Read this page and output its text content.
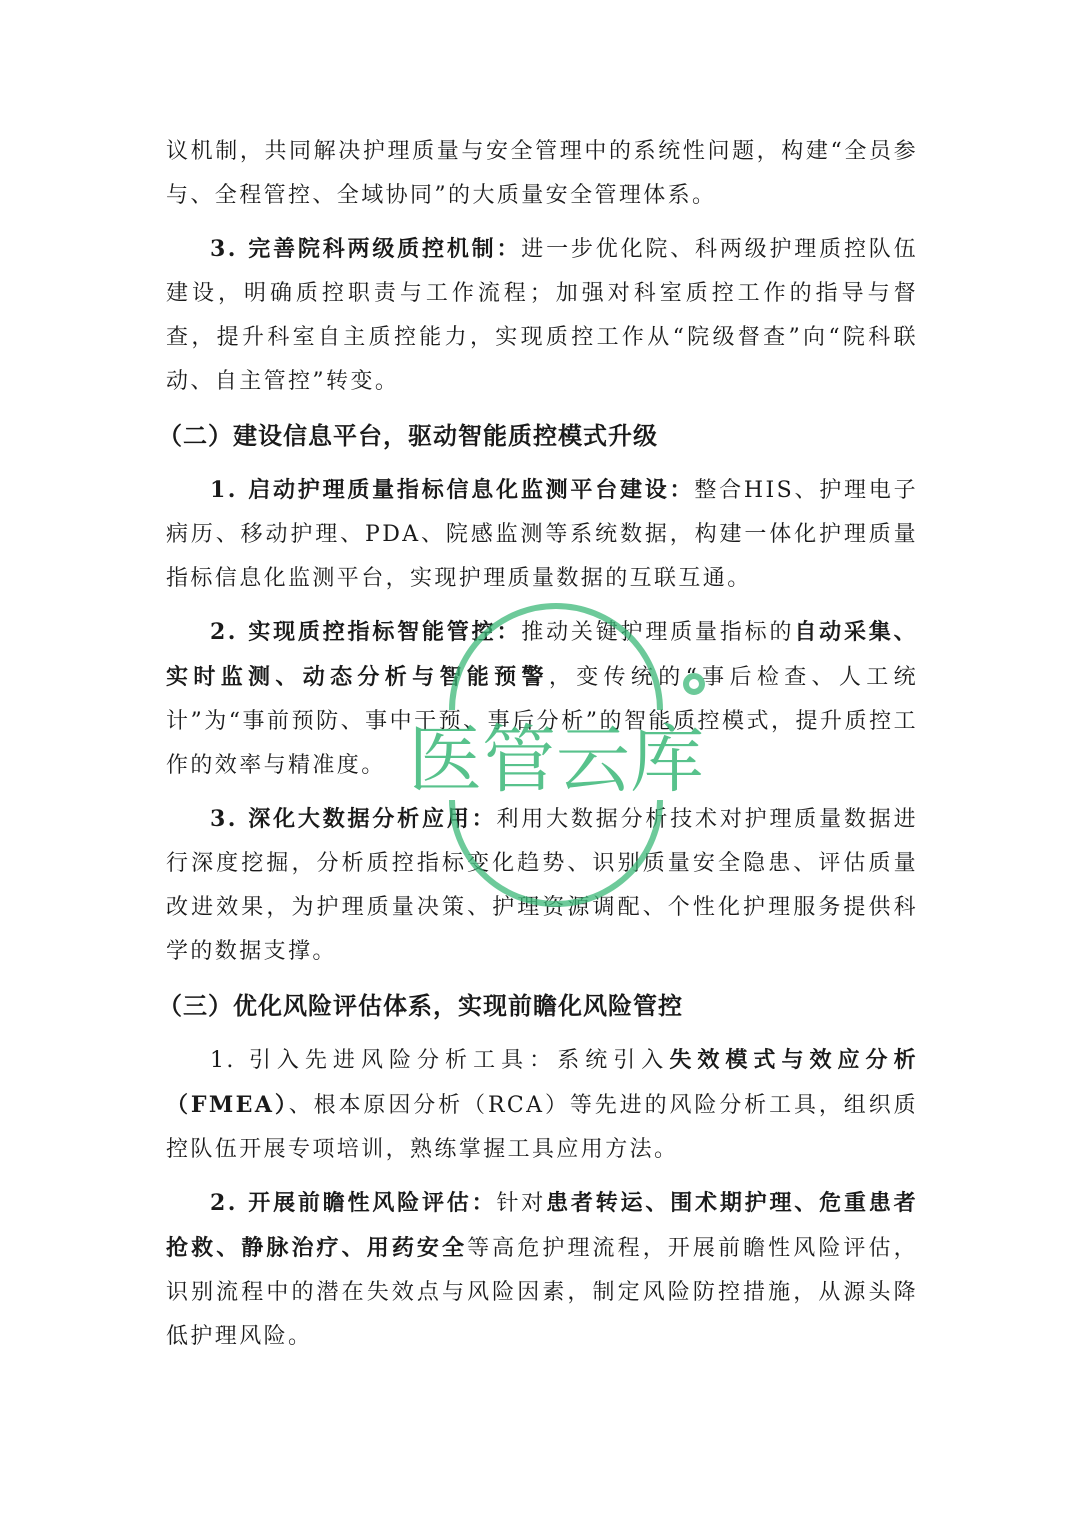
议机制，共同解决护理质量与安全管理中的系统性问题，构建“全员参与、全程管控、全域协同”的大质量安全管理体系。

3. 完善院科两级质控机制：进一步优化院、科两级护理质控队伍建设，明确质控职责与工作流程；加强对科室质控工作的指导与督查，提升科室自主质控能力，实现质控工作从“院级督查”向“院科联动、自主管控”转变。

（二）建设信息平台，驱动智能质控模式升级

1. 启动护理质量指标信息化监测平台建设：整合HIS、护理电子病历、移动护理、PDA、院感监测等系统数据，构建一体化护理质量指标信息化监测平台，实现护理质量数据的互联互通。

2. 实现质控指标智能管控：推动关键护理质量指标的自动采集、实时监测、动态分析与智能预警，变传统的“事后检查、人工统计”为“事前预防、事中干预、事后分析”的智能质控模式，提升质控工作的效率与精准度。

3. 深化大数据分析应用：利用大数据分析技术对护理质量数据进行深度挖掘，分析质控指标变化趋势、识别质量安全隐患、评估质量改进效果，为护理质量决策、护理资源调配、个性化护理服务提供科学的数据支撑。

（三）优化风险评估体系，实现前瞻化风险管控

1. 引入先进风险分析工具：系统引入失效模式与效应分析（FMEA）、根本原因分析（RCA）等先进的风险分析工具，组织质控队伍开展专项培训，熟练掌握工具应用方法。

2. 开展前瞻性风险评估：针对患者转运、围术期护理、危重患者抢救、静脉治疗、用药安全等高危护理流程，开展前瞻性风险评估，识别流程中的潜在失效点与风险因素，制定风险防控措施，从源头降低护理风险。

医管云库
